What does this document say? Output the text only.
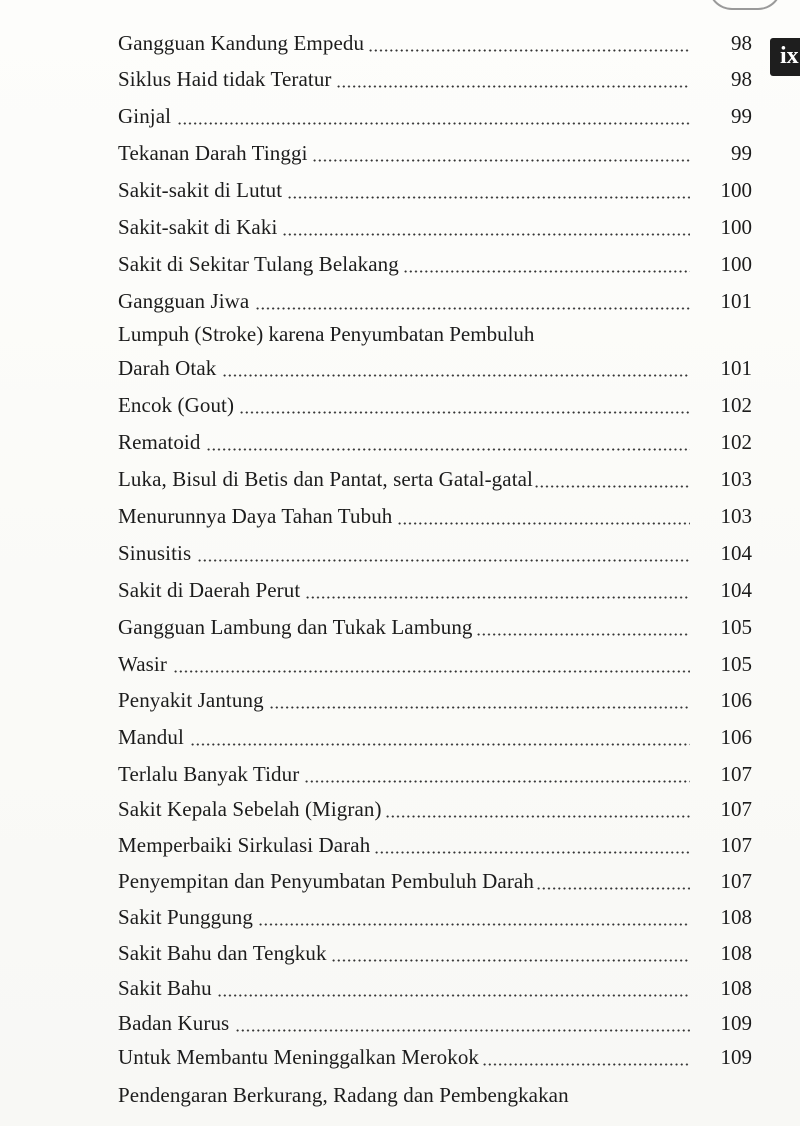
ix
Gangguan Kandung Empedu	98
Siklus Haid tidak Teratur	98
Ginjal	99
Tekanan Darah Tinggi	99
Sakit-sakit di Lutut	100
Sakit-sakit di Kaki	100
Sakit di Sekitar Tulang Belakang	100
Gangguan Jiwa	101
Lumpuh (Stroke) karena Penyumbatan Pembuluh
Darah Otak	101
Encok (Gout)	102
Rematoid	102
Luka, Bisul di Betis dan Pantat, serta Gatal-gatal	103
Menurunnya Daya Tahan Tubuh	103
Sinusitis	104
Sakit di Daerah Perut	104
Gangguan Lambung dan Tukak Lambung	105
Wasir	105
Penyakit Jantung	106
Mandul	106
Terlalu Banyak Tidur	107
Sakit Kepala Sebelah (Migran)	107
Memperbaiki Sirkulasi Darah	107
Penyempitan dan Penyumbatan Pembuluh Darah	107
Sakit Punggung	108
Sakit Bahu dan Tengkuk	108
Sakit Bahu	108
Badan Kurus	109
Untuk Membantu Meninggalkan Merokok	109
Pendengaran Berkurang, Radang dan Pembengkakan
